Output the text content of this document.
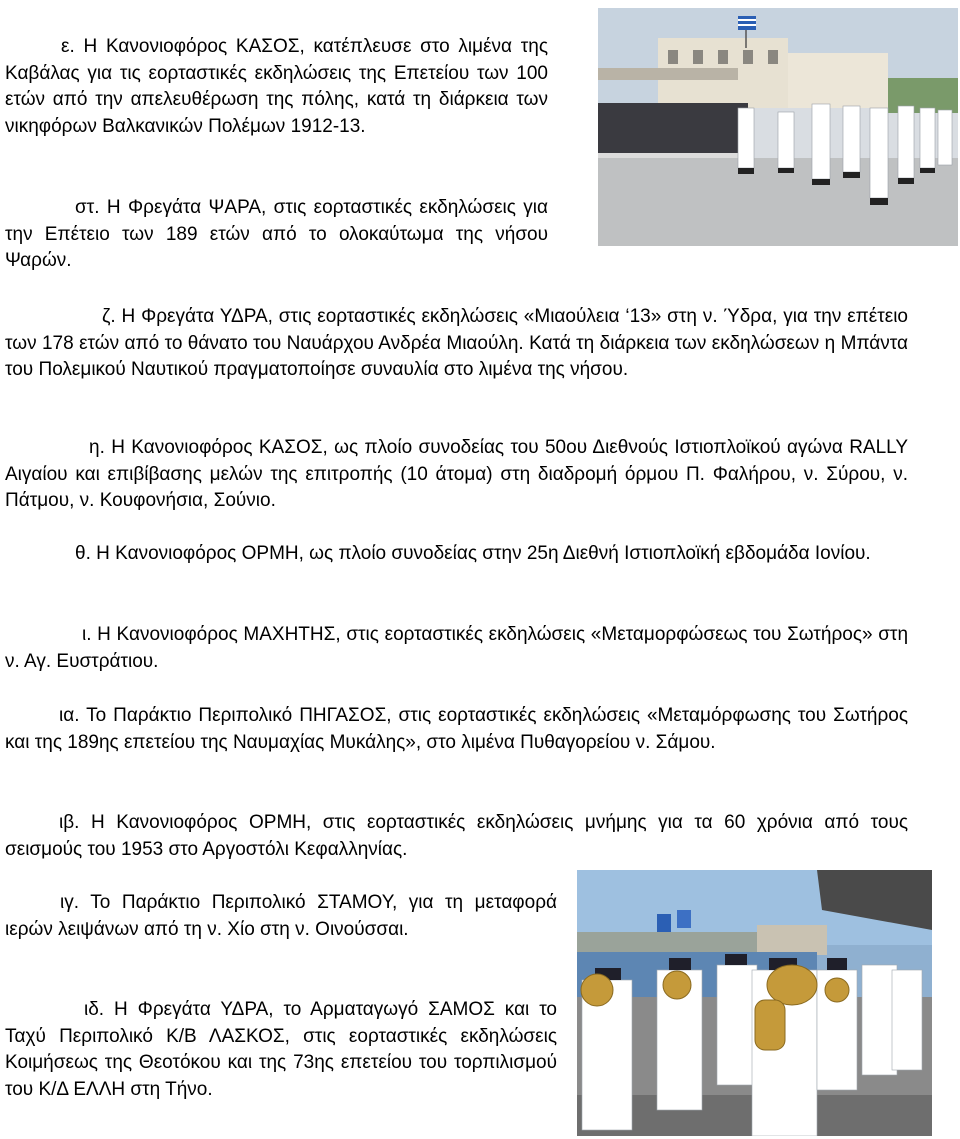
ε. Η Κανονιοφόρος ΚΑΣΟΣ, κατέπλευσε στο λιμένα της Καβάλας για τις εορταστικές εκδηλώσεις της Επετείου των 100 ετών από την απελευθέρωση της πόλης, κατά τη διάρκεια των νικηφόρων Βαλκανικών Πολέμων 1912-13.
στ. Η Φρεγάτα ΨΑΡΑ, στις εορταστικές εκδηλώσεις για την Επέτειο των 189 ετών από το ολοκαύτωμα της νήσου Ψαρών.
ζ. Η Φρεγάτα ΥΔΡΑ, στις εορταστικές εκδηλώσεις «Μιαούλεια ‘13» στη ν. Ύδρα, για την επέτειο των 178 ετών από το θάνατο του Ναυάρχου Ανδρέα Μιαούλη. Κατά τη διάρκεια των εκδηλώσεων η Μπάντα του Πολεμικού Ναυτικού πραγματοποίησε συναυλία στο λιμένα της νήσου.
η. Η Κανονιοφόρος ΚΑΣΟΣ, ως πλοίο συνοδείας του 50ου Διεθνούς Ιστιοπλοϊκού αγώνα RALLY Αιγαίου και επιβίβασης μελών της επιτροπής (10 άτομα) στη διαδρομή όρμου Π. Φαλήρου, ν. Σύρου, ν. Πάτμου, ν. Κουφονήσια, Σούνιο.
θ. Η Κανονιοφόρος ΟΡΜΗ, ως πλοίο συνοδείας στην 25η Διεθνή Ιστιοπλοϊκή εβδομάδα Ιονίου.
ι. Η Κανονιοφόρος ΜΑΧΗΤΗΣ, στις εορταστικές εκδηλώσεις «Μεταμορφώσεως του Σωτήρος» στη ν. Αγ. Ευστράτιου.
ια. Το Παράκτιο Περιπολικό ΠΗΓΑΣΟΣ, στις εορταστικές εκδηλώσεις «Μεταμόρφωσης του Σωτήρος και της 189ης επετείου της Ναυμαχίας Μυκάλης», στο λιμένα Πυθαγορείου ν. Σάμου.
ιβ. Η Κανονιοφόρος ΟΡΜΗ, στις εορταστικές εκδηλώσεις μνήμης για τα 60 χρόνια από τους σεισμούς του 1953 στο Αργοστόλι Κεφαλληνίας.
ιγ. Το Παράκτιο Περιπολικό ΣΤΑΜΟΥ, για τη μεταφορά ιερών λειψάνων από τη ν. Χίο στη ν. Οινούσσαι.
ιδ. Η Φρεγάτα ΥΔΡΑ, το Αρματαγωγό ΣΑΜΟΣ και το Ταχύ Περιπολικό Κ/Β ΛΑΣΚΟΣ, στις εορταστικές εκδηλώσεις Κοιμήσεως της Θεοτόκου και της 73ης επετείου του τορπιλισμού του Κ/Δ ΕΛΛΗ στη Τήνο.
